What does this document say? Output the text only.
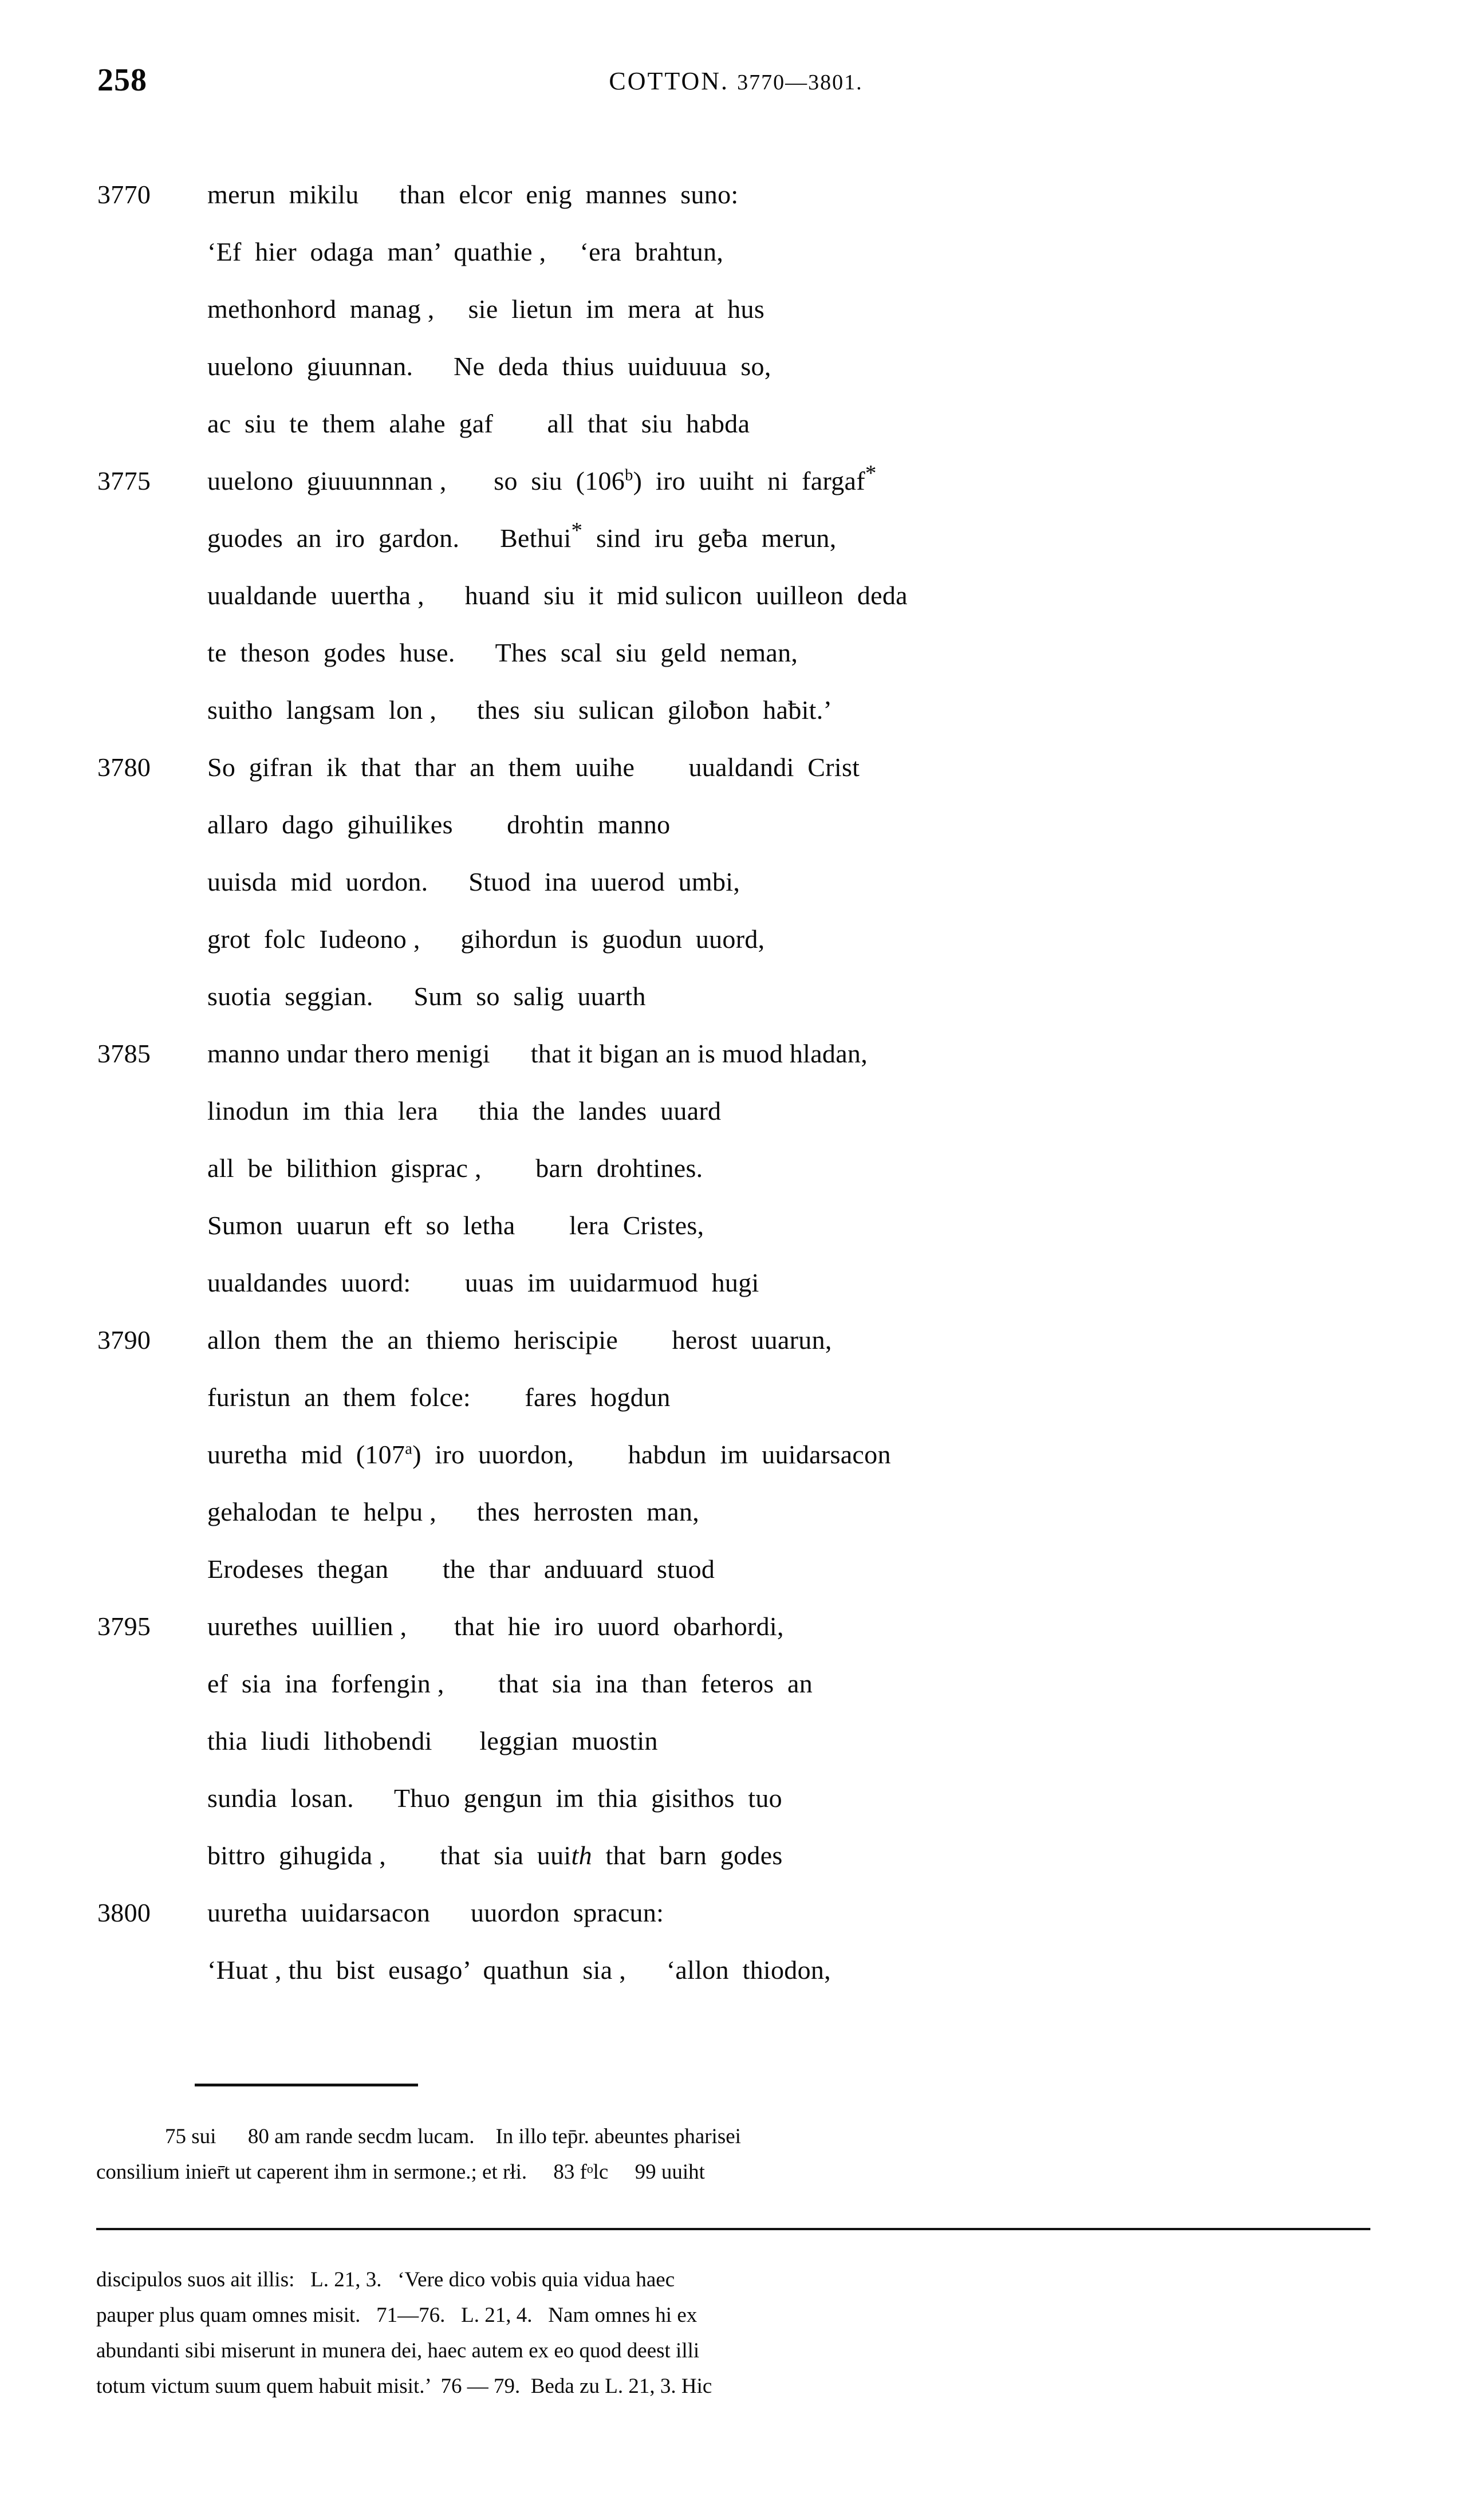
258	COTTON. 3770—3801.
3770 merun  mikilu      than  elcor  enig  mannes  suno:
‘Ef  hier  odaga  man’  quathie ,     ‘era  brahtun,
methonhord  manag ,     sie  lietun  im  mera  at  hus
uuelono  giuunnan.      Ne  deda  thius  uuiduuua  so,
ac  siu  te  them  alahe  gaf        all  that  siu  habda
3775 uuelono  giuuunnnan ,       so  siu  (106$^b$)  iro  uuiht  ni  fargaf*
guodes  an  iro  gardon.      Bethui*  sind  iru  geƀa  merun,
uualdande  uuertha ,      huand  siu  it  mid sulicon  uuilleon  deda
te  theson  godes  huse.      Thes  scal  siu  geld  neman,
suitho  langsam  lon ,      thes  siu  sulican  giloƀon  haƀit.’
3780 So  gifran  ik  that  thar  an  them  uuihe        uualdandi  Crist
allaro  dago  gihuilikes        drohtin  manno
uuisda  mid  uordon.      Stuod  ina  uuerod  umbi,
grot  folc  Iudeono ,      gihordun  is  guodun  uuord,
suotia  seggian.      Sum  so  salig  uuarth
3785 manno undar thero menigi      that it bigan an is muod hladan,
linodun  im  thia  lera      thia  the  landes  uuard
all  be  bilithion  gisprac ,        barn  drohtines.
Sumon  uuarun  eft  so  letha        lera  Cristes,
uualdandes  uuord:        uuas  im  uuidarmuod  hugi
3790 allon  them  the  an  thiemo  heriscipie        herost  uuarun,
furistun  an  them  folce:        fares  hogdun
uuretha  mid  (107$^a$)  iro  uuordon,        habdun  im  uuidarsacon
gehalodan  te  helpu ,      thes  herrosten  man,
Erodeses  thegan        the  thar  anduuard  stuod
3795 uurethes  uuillien ,       that  hie  iro  uuord  obarhordi,
ef  sia  ina  forfengin ,        that  sia  ina  than  feteros  an
thia  liudi  lithobendi       leggian  muostin
sundia  losan.      Thuo  gengun  im  thia  gisithos  tuo
bittro  gihugida ,        that  sia  uuith  that  barn  godes
3800 uuretha  uuidarsacon      uuordon  spracun:
‘Huat , thu  bist  eusago’  quathun  sia ,      ‘allon  thiodon,
75 sui      80 am rande secdm lucam.    In illo tep̄r. abeuntes pharisei
consilium inier̄t ut caperent ihm in sermone.; et rłi.     83 fᵒlc     99 uuiht
discipulos suos ait illis:   L. 21, 3.   ‘Vere dico vobis quia vidua haec
pauper plus quam omnes misit.   71—76.   L. 21, 4.   Nam omnes hi ex
abundanti sibi miserunt in munera dei, haec autem ex eo quod deest illi
totum victum suum quem habuit misit.’  76 — 79.  Beda zu L. 21, 3. Hic
